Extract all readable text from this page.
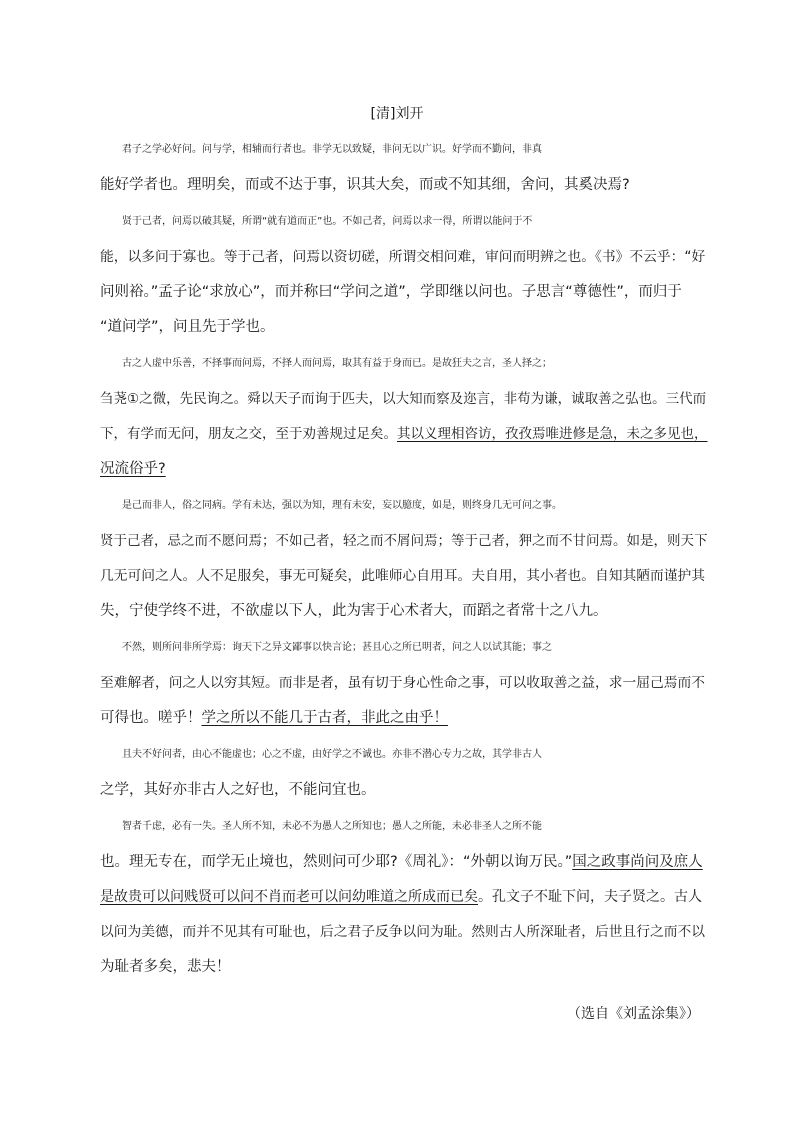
[清]刘开
君子之学必好问。问与学，相辅而行者也。非学无以致疑，非问无以广识。好学而不勤问，非真
能好学者也。理明矣，而或不达于事，识其大矣，而或不知其细，舍问，其奚决焉?
贤于己者，问焉以破其疑，所谓“就有道而正”也。不如己者，问焉以求一得，所谓以能问于不
能，以多问于寡也。等于己者，问焉以资切磋，所谓交相问难，审问而明辨之也。《书》不云乎：“好
问则裕。”孟子论“求放心”，而并称曰“学问之道”，学即继以问也。子思言“尊德性”，而归于
“道问学”，问且先于学也。
古之人虚中乐善，不择事而问焉，不择人而问焉，取其有益于身而已。是故狂夫之言，圣人择之；
刍荛①之微，先民询之。舜以天子而询于匹夫，以大知而察及迩言，非苟为谦，诚取善之弘也。三代而
下，有学而无问，朋友之交，至于劝善规过足矣。其以义理相咨访，孜孜焉唯进修是急，未之多见也，
况流俗乎?
是己而非人，俗之同病。学有未达，强以为知，理有未安，妄以臆度，如是，则终身几无可问之事。
贤于己者，忌之而不愿问焉；不如己者，轻之而不屑问焉；等于己者，狎之而不甘问焉。如是，则天下
几无可问之人。人不足服矣，事无可疑矣，此唯师心自用耳。夫自用，其小者也。自知其陋而谨护其
失，宁使学终不进，不欲虚以下人，此为害于心术者大，而蹈之者常十之八九。
不然，则所问非所学焉：询天下之异文鄙事以快言论；甚且心之所已明者，问之人以试其能；事之
至难解者，问之人以穷其短。而非是者，虽有切于身心性命之事，可以收取善之益，求一屈己焉而不
可得也。嗟乎！学之所以不能几于古者，非此之由乎！
且夫不好问者，由心不能虚也；心之不虚，由好学之不诚也。亦非不潜心专力之故，其学非古人
之学，其好亦非古人之好也，不能问宜也。
智者千虑，必有一失。圣人所不知，未必不为愚人之所知也；愚人之所能，未必非圣人之所不能
也。理无专在，而学无止境也，然则问可少耶?《周礼》：“外朝以询万民。”国之政事尚问及庶人
是故贵可以问贱贤可以问不肖而老可以问幼唯道之所成而已矣。孔文子不耻下问，夫子贤之。古人
以问为美德，而并不见其有可耻也，后之君子反争以问为耻。然则古人所深耻者，后世且行之而不以
为耻者多矣，悲夫！
（选自《刘孟涂集》）
